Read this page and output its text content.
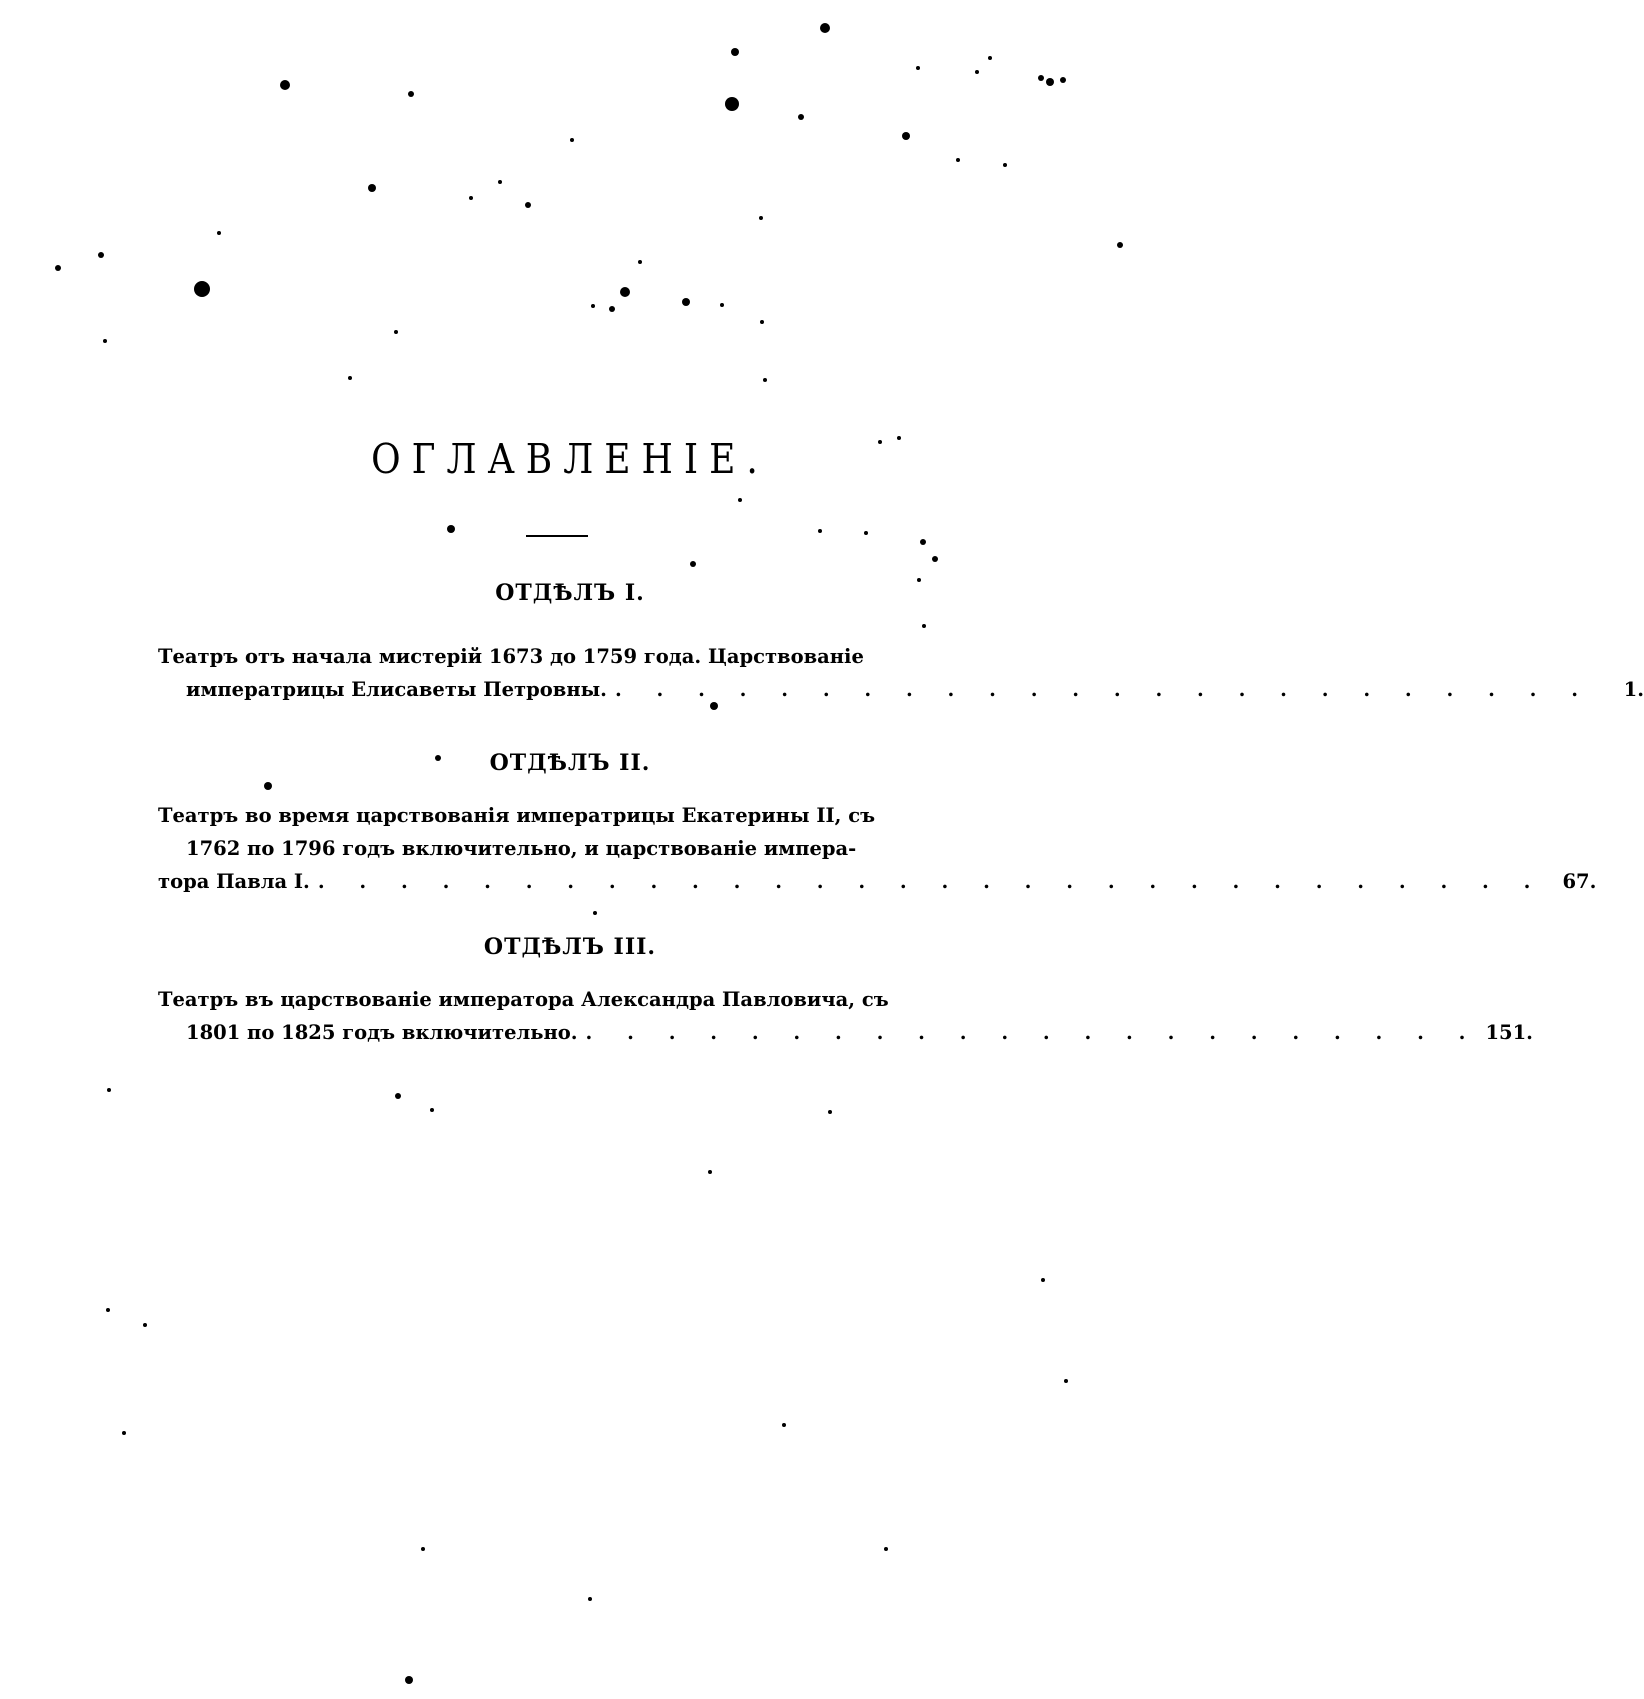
ОГЛАВЛЕНІЕ.
ОТДѢЛЪ I.
Театръ отъ начала мистерій 1673 до 1759 года. Царствованіе
императрицы Елисаветы Петровны. . . . . . . . . . . . . . . . . . . . . . . . .	1.
ОТДѢЛЪ II.
Театръ во время царствованія императрицы Екатерины II, съ
1762 по 1796 годъ включительно, и царствованіе импера-
тора Павла I. . . . . . . . . . . . . . . . . . . . . . . . . . . . . . . 67.
ОТДѢЛЪ III.
Театръ въ царствованіе императора Александра Павловича, съ
1801 по 1825 годъ включительно. . . . . . . . . . . . . . . . . . . . . . . 151.
